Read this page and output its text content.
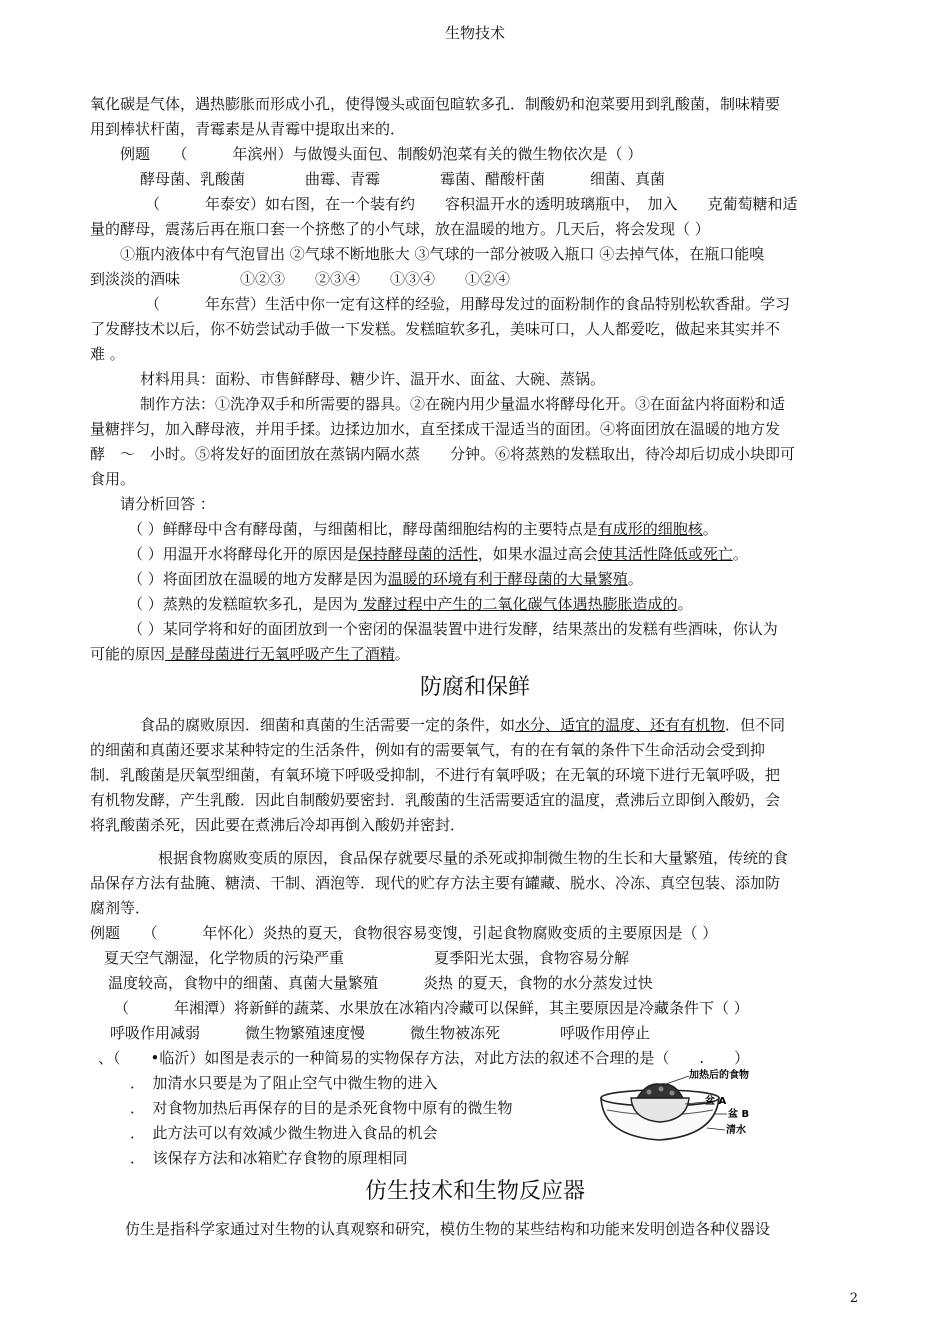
生物技术
氧化碳是气体，遇热膨胀而形成小孔，使得馒头或面包暄软多孔．制酸奶和泡菜要用到乳酸菌，制味精要
用到棒状杆菌，青霉素是从青霉中提取出来的．
例题　　（　　　年滨州）与做馒头面包、制酸奶泡菜有关的微生物依次是（ ）
酵母菌、乳酸菌　　　　曲霉、青霉　　　　霉菌、醋酸杆菌　　　细菌、真菌
（　　　年泰安）如右图，在一个装有约　　容积温开水的透明玻璃瓶中，　加入　　克葡萄糖和适
量的酵母，震荡后再在瓶口套一个挤憋了的小气球，放在温暖的地方。几天后，将会发现（ ）
①瓶内液体中有气泡冒出 ②气球不断地胀大 ③气球的一部分被吸入瓶口 ④去掉气体，在瓶口能嗅
到淡淡的酒味　　　　①②③　　②③④　　①③④　　①②④
（　　　年东营）生活中你一定有这样的经验，用酵母发过的面粉制作的食品特别松软香甜。学习
了发酵技术以后，你不妨尝试动手做一下发糕。发糕暄软多孔，美味可口，人人都爱吃，做起来其实并不
难 。
材料用具：面粉、市售鲜酵母、糖少许、温开水、面盆、大碗、蒸锅。
制作方法：①洗净双手和所需要的器具。②在碗内用少量温水将酵母化开。③在面盆内将面粉和适
量糖拌匀，加入酵母液，并用手揉。边揉边加水，直至揉成干湿适当的面团。④将面团放在温暖的地方发
酵　～　小时。⑤将发好的面团放在蒸锅内隔水蒸　　分钟。⑥将蒸熟的发糕取出，待冷却后切成小块即可
食用。
请分析回答 ：
（ ）鲜酵母中含有酵母菌，与细菌相比，酵母菌细胞结构的主要特点是有成形的细胞核。
（ ）用温开水将酵母化开的原因是保持酵母菌的活性，如果水温过高会使其活性降低或死亡。
（ ）将面团放在温暖的地方发酵是因为温暖的环境有利于酵母菌的大量繁殖。
（ ）蒸熟的发糕暄软多孔，是因为 发酵过程中产生的二氧化碳气体遇热膨胀造成的。
（ ）某同学将和好的面团放到一个密闭的保温装置中进行发酵，结果蒸出的发糕有些酒味，你认为
可能的原因 是酵母菌进行无氧呼吸产生了酒精。
防腐和保鲜
食品的腐败原因．细菌和真菌的生活需要一定的条件，如水分、适宜的温度、还有有机物．但不同
的细菌和真菌还要求某种特定的生活条件，例如有的需要氧气，有的在有氧的条件下生命活动会受到抑
制．乳酸菌是厌氧型细菌，有氧环境下呼吸受抑制，不进行有氧呼吸；在无氧的环境下进行无氧呼吸，把
有机物发酵，产生乳酸．因此自制酸奶要密封．乳酸菌的生活需要适宜的温度，煮沸后立即倒入酸奶，会
将乳酸菌杀死，因此要在煮沸后冷却再倒入酸奶并密封．
根据食物腐败变质的原因，食品保存就要尽量的杀死或抑制微生物的生长和大量繁殖，传统的食
品保存方法有盐腌、糖渍、干制、酒泡等．现代的贮存方法主要有罐藏、脱水、冷冻、真空包装、添加防
腐剂等．
例题　　（　　　年怀化）炎热的夏天，食物很容易变馊，引起食物腐败变质的主要原因是（ ）
夏天空气潮湿，化学物质的污染严重　　　　　　夏季阳光太强，食物容易分解
温度较高，食物中的细菌、真菌大量繁殖　　　炎热 的夏天，食物的水分蒸发过快
（　　　年湘潭）将新鲜的蔬菜、水果放在冰箱内冷藏可以保鲜，其主要原因是冷藏条件下（ ）
呼吸作用减弱　　　微生物繁殖速度慢　　　微生物被冻死　　　　呼吸作用停止
、（　　•临沂）如图是表示的一种简易的实物保存方法，对此方法的叙述不合理的是（　　.　　）
．　加清水只要是为了阻止空气中微生物的进入
．　对食物加热后再保存的目的是杀死食物中原有的微生物
．　此方法可以有效减少微生物进入食品的机会
．　该保存方法和冰箱贮存食物的原理相同
仿生技术和生物反应器
仿生是指科学家通过对生物的认真观察和研究，模仿生物的某些结构和功能来发明创造各种仪器设
加热后的食物
盆 A
盆 B
清水
2
